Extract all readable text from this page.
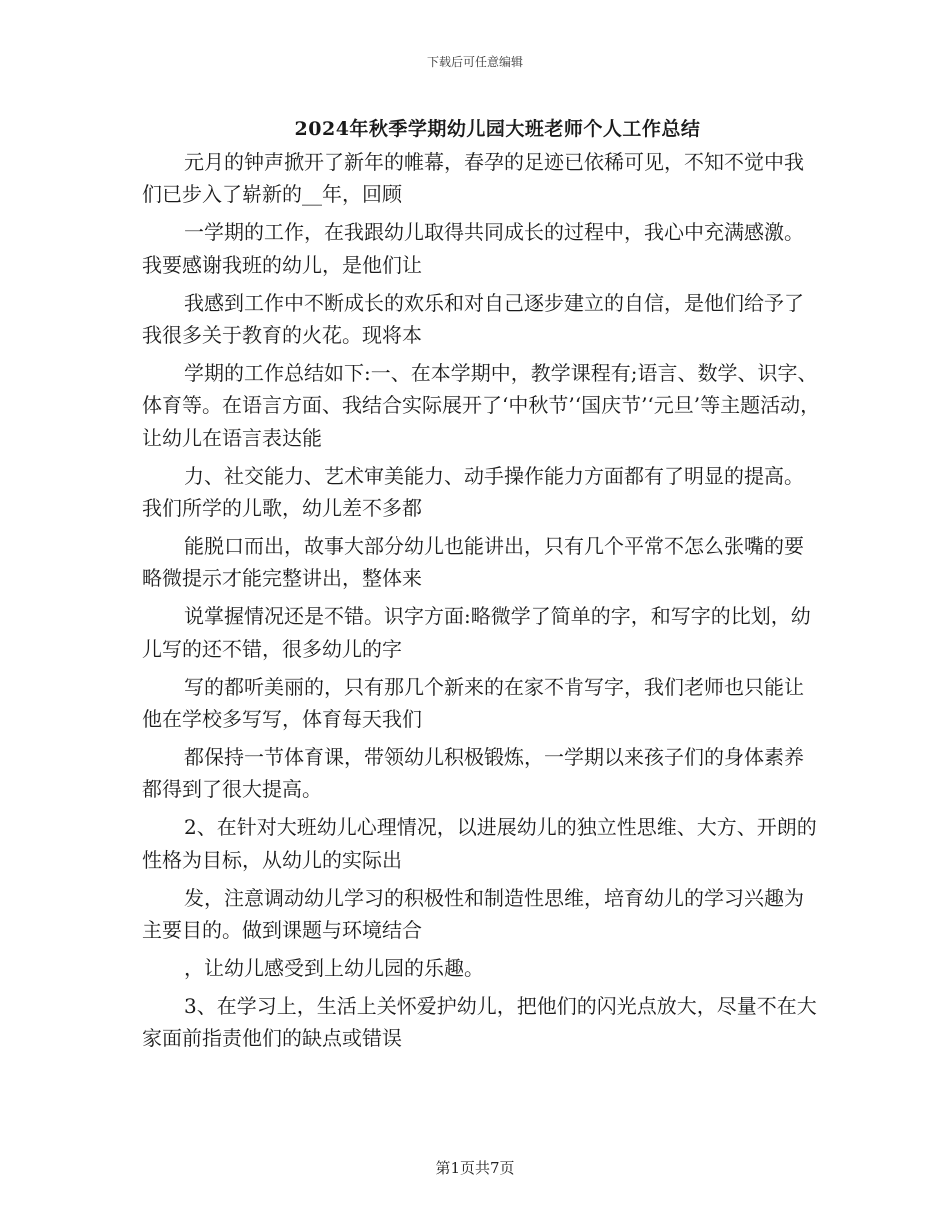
下载后可任意编辑
2024年秋季学期幼儿园大班老师个人工作总结

元月的钟声掀开了新年的帷幕，春孕的足迹已依稀可见，不知不觉中我们已步入了崭新的__年，回顾

一学期的工作，在我跟幼儿取得共同成长的过程中，我心中充满感激。我要感谢我班的幼儿，是他们让

我感到工作中不断成长的欢乐和对自己逐步建立的自信，是他们给予了我很多关于教育的火花。现将本

学期的工作总结如下:一、在本学期中，教学课程有;语言、数学、识字、体育等。在语言方面、我结合实际展开了‘中秋节’‘国庆节’‘元旦’等主题活动，让幼儿在语言表达能

力、社交能力、艺术审美能力、动手操作能力方面都有了明显的提高。我们所学的儿歌，幼儿差不多都

能脱口而出，故事大部分幼儿也能讲出，只有几个平常不怎么张嘴的要略微提示才能完整讲出，整体来

说掌握情况还是不错。识字方面:略微学了简单的字，和写字的比划，幼儿写的还不错，很多幼儿的字

写的都听美丽的，只有那几个新来的在家不肯写字，我们老师也只能让他在学校多写写，体育每天我们

都保持一节体育课，带领幼儿积极锻炼，一学期以来孩子们的身体素养都得到了很大提高。

2、在针对大班幼儿心理情况，以进展幼儿的独立性思维、大方、开朗的性格为目标，从幼儿的实际出

发，注意调动幼儿学习的积极性和制造性思维，培育幼儿的学习兴趣为主要目的。做到课题与环境结合

，让幼儿感受到上幼儿园的乐趣。

3、在学习上，生活上关怀爱护幼儿，把他们的闪光点放大，尽量不在大家面前指责他们的缺点或错误

第1页共7页
